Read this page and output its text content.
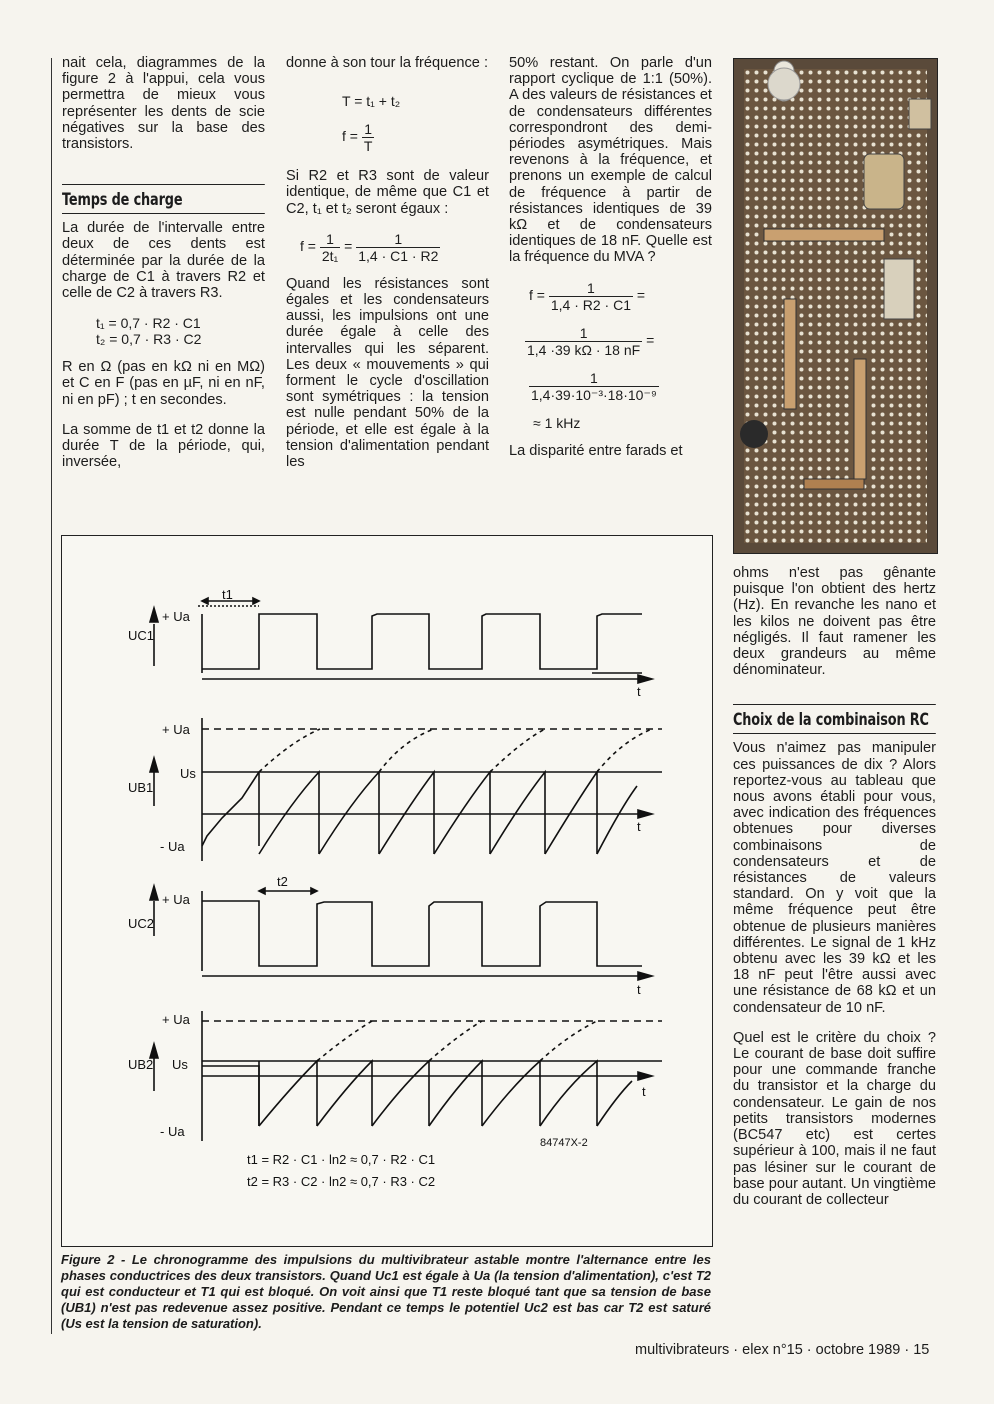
nait cela, diagrammes de la figure 2 à l'appui, cela vous permettra de mieux vous représenter les dents de scie négatives sur la base des transistors.

Temps de charge

La durée de l'intervalle entre deux de ces dents est déterminée par la durée de la charge de C1 à travers R2 et celle de C2 à travers R3.

t₁ = 0,7 · R2 · C1
t₂ = 0,7 · R3 · C2

R en Ω (pas en kΩ ni en MΩ) et C en F (pas en µF, ni en nF, ni en pF) ; t en secondes.

La somme de t1 et t2 donne la durée T de la période, qui, inversée,

donne à son tour la fréquence :

T = t₁ + t₂
$f = \frac{1}{T}$

Si R2 et R3 sont de valeur identique, de même que C1 et C2, t₁ et t₂ seront égaux :

$f = \frac{1}{\text{2t₁}} = \frac{1}{1,4 \cdot C1 \cdot R2}$

Quand les résistances sont égales et les condensateurs aussi, les impulsions ont une durée égale à celle des intervalles qui les séparent. Les deux « mouvements » qui forment le cycle d'oscillation sont symétriques : la tension est nulle pendant 50% de la période, et elle est égale à la tension d'alimentation pendant les

50% restant. On parle d'un rapport cyclique de 1:1 (50%). A des valeurs de résistances et de condensateurs différentes correspondront des demi-périodes asymétriques. Mais revenons à la fréquence, et prenons un exemple de calcul de fréquence à partir de résistances identiques de 39 kΩ et de condensateurs identiques de 18 nF. Quelle est la fréquence du MVA ?

$f = \frac{1}{1,4 \cdot R2 \cdot C1}$ =
$\frac{1}{1,4 \cdot 39 k\Omega \cdot 18 nF}$ =
$\frac{1}{\text{1,4·39·10⁻³·18·10⁻⁹}}$
≈ 1 kHz

La disparité entre farads et

ohms n'est pas gênante puisque l'on obtient des hertz (Hz). En revanche les nano et les kilos ne doivent pas être négligés. Il faut ramener les deux grandeurs au même dénominateur.

Choix de la combinaison RC

Vous n'aimez pas manipuler ces puissances de dix ? Alors reportez-vous au tableau que nous avons établi pour vous, avec indication des fréquences obtenues pour diverses combinaisons de condensateurs et de résistances de valeurs standard. On y voit que la même fréquence peut être obtenue de plusieurs manières différentes. Le signal de 1 kHz obtenu avec les 39 kΩ et les 18 nF peut l'être aussi avec une résistance de 68 kΩ et un condensateur de 10 nF.

Quel est le critère du choix ? Le courant de base doit suffire pour une commande franche du transistor et la charge du condensateur. Le gain de nos petits transistors modernes (BC547 etc) est certes supérieur à 100, mais il ne faut pas lésiner sur le courant de base pour autant. Un vingtième du courant de collecteur

UC1
+ Ua
t1
t
+ Ua
Us
UB1
- Ua
t
+ Ua
UC2
t2
t
+ Ua
UB2 Us
- Ua
t
84747X-2
t1 = R2 · C1 · ln2 ≈ 0,7 · R2 · C1
t2 = R3 · C2 · ln2 ≈ 0,7 · R3 · C2
Figure 2 - Le chronogramme des impulsions du multivibrateur astable montre l'alternance entre les phases conductrices des deux transistors. Quand Uc1 est égale à Ua (la tension d'alimentation), c'est T2 qui est conducteur et T1 qui est bloqué. On voit ainsi que T1 reste bloqué tant que sa tension de base (UB1) n'est pas redevenue assez positive. Pendant ce temps le potentiel Uc2 est bas car T2 est saturé (Us est la tension de saturation).
multivibrateurs · elex n°15 · octobre 1989 · 15
